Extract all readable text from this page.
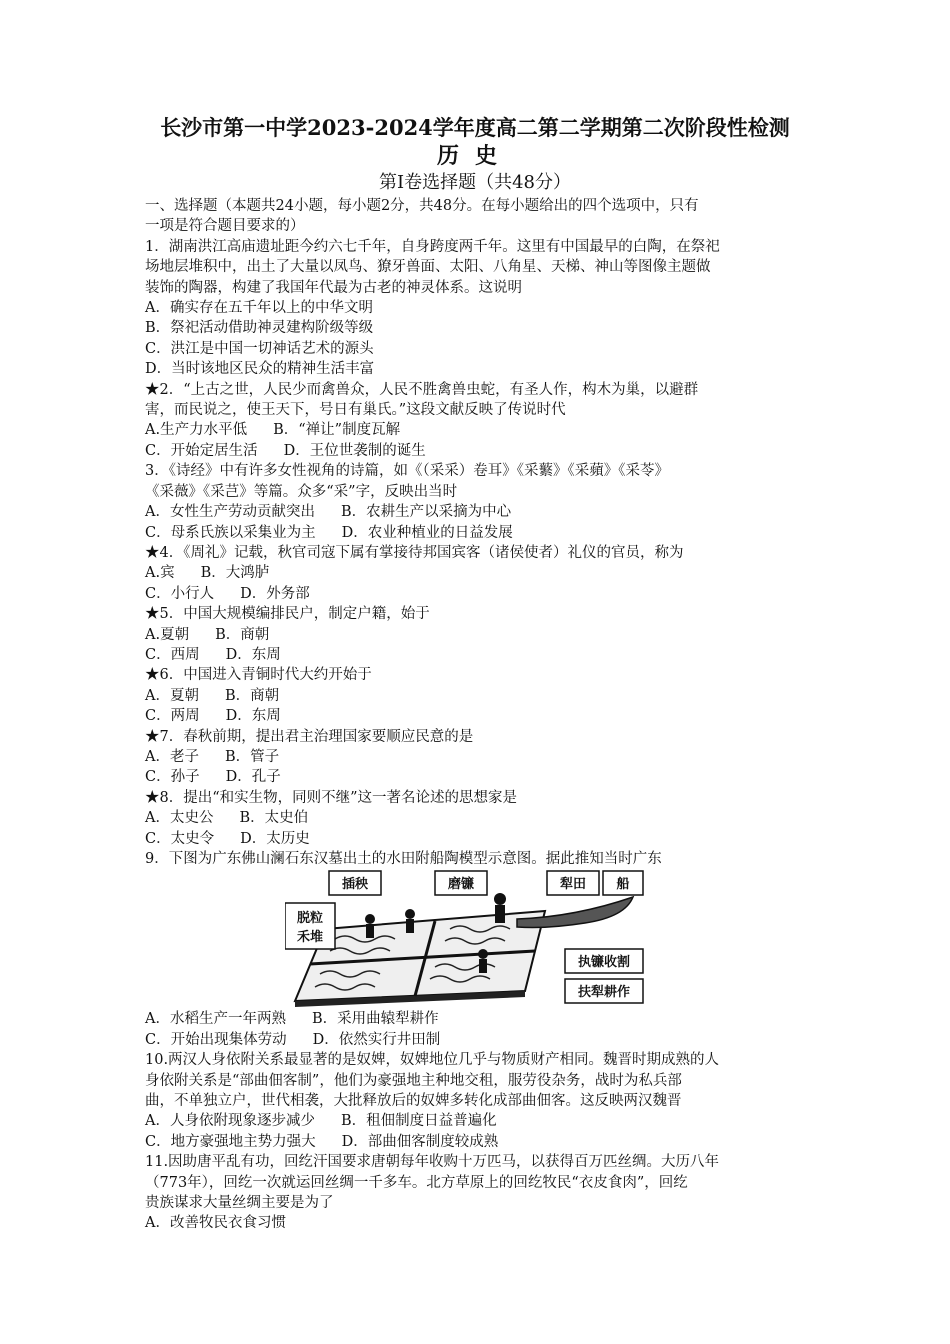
长沙市第一中学2023-2024学年度高二第二学期第二次阶段性检测
历史
第Ⅰ卷选择题（共48分）

一、选择题（本题共24小题，每小题2分，共48分。在每小题给出的四个选项中，只有

一项是符合题目要求的）

1．湖南洪江高庙遗址距今约六七千年，自身跨度两千年。这里有中国最早的白陶，在祭祀

场地层堆积中，出土了大量以凤鸟、獠牙兽面、太阳、八角星、天梯、神山等图像主题做

装饰的陶器，构建了我国年代最为古老的神灵体系。这说明

A．确实存在五千年以上的中华文明

B．祭祀活动借助神灵建构阶级等级

C．洪江是中国一切神话艺术的源头

D．当时该地区民众的精神生活丰富

★2．“上古之世，人民少而禽兽众，人民不胜禽兽虫蛇，有圣人作，构木为巢，以避群

害，而民说之，使王天下，号日有巢氏。”这段文献反映了传说时代

A.生产力水平低 B．“禅让”制度瓦解

C．开始定居生活 D．王位世袭制的诞生

3．《诗经》中有许多女性视角的诗篇，如《（采采）卷耳》《采蘩》《采蘋》《采苓》

《采薇》《采芑》等篇。众多“采”字，反映出当时

A．女性生产劳动贡献突出 B．农耕生产以采摘为中心

C．母系氏族以采集业为主 D．农业种植业的日益发展

★4．《周礼》记载，秋官司寇下属有掌接待邦国宾客（诸侯使者）礼仪的官员，称为

A.宾 B．大鸿胪

C．小行人 D．外务部

★5．中国大规模编排民户，制定户籍，始于

A.夏朝 B．商朝

C．西周 D．东周

★6．中国进入青铜时代大约开始于

A．夏朝 B．商朝

C．两周 D．东周

★7．春秋前期，提出君主治理国家要顺应民意的是

A．老子 B．管子

C．孙子 D．孔子

★8．提出“和实生物，同则不继”这一著名论述的思想家是

A．太史公 B．太史伯

C．太史令 D．太历史

9．下图为广东佛山澜石东汉墓出土的水田附船陶模型示意图。据此推知当时广东

插秧	磨镰	犁田 船
脱粒
禾堆
执镰收割
扶犁耕作

A．水稻生产一年两熟 B．采用曲辕犁耕作

C．开始出现集体劳动 D．依然实行井田制

10.两汉人身依附关系最显著的是奴婢，奴婢地位几乎与物质财产相同。魏晋时期成熟的人

身依附关系是“部曲佃客制”，他们为豪强地主种地交租，服劳役杂务，战时为私兵部

曲，不单独立户，世代相袭，大批释放后的奴婢多转化成部曲佃客。这反映两汉魏晋

A．人身依附现象逐步减少 B．租佃制度日益普遍化

C．地方豪强地主势力强大 D．部曲佃客制度较成熟

11.因助唐平乱有功，回纥汗国要求唐朝每年收购十万匹马，以获得百万匹丝绸。大历八年

（773年），回纥一次就运回丝绸一千多车。北方草原上的回纥牧民“衣皮食肉”，回纥

贵族谋求大量丝绸主要是为了

A．改善牧民衣食习惯
